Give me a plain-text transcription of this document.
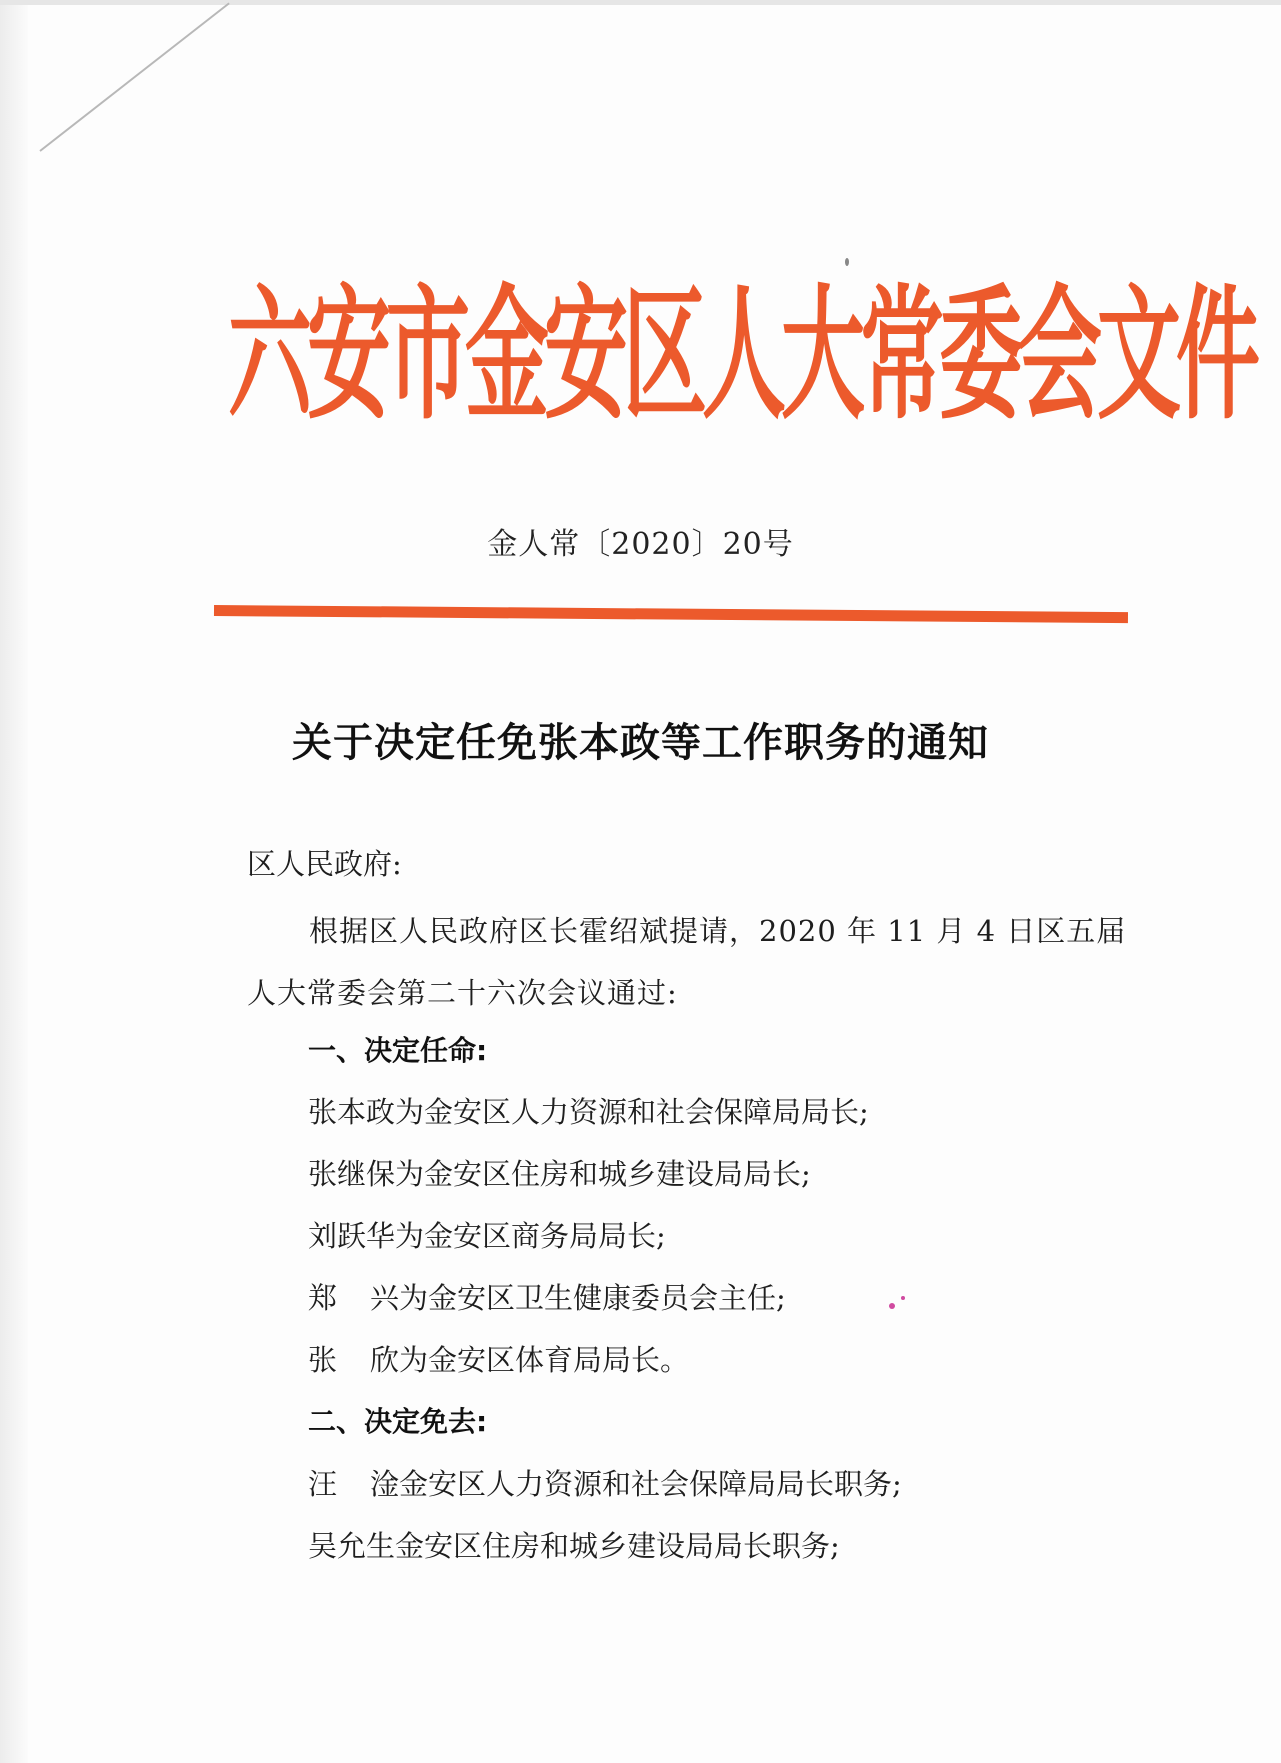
六安市金安区人大常委会文件
金人常〔2020〕20号
关于决定任免张本政等工作职务的通知
区人民政府:
根据区人民政府区长霍绍斌提请，2020 年 11 月 4 日区五届人大常委会第二十六次会议通过:
一、决定任命:
张本政为金安区人力资源和社会保障局局长;
张继保为金安区住房和城乡建设局局长;
刘跃华为金安区商务局局长;
郑 兴为金安区卫生健康委员会主任;
张 欣为金安区体育局局长。
二、决定免去:
汪 淦金安区人力资源和社会保障局局长职务;
吴允生金安区住房和城乡建设局局长职务;
